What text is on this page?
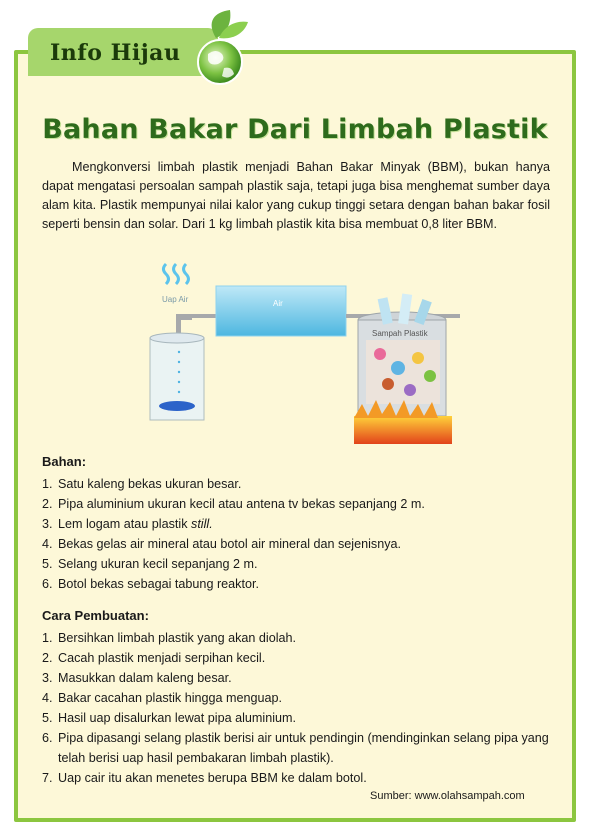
Info Hijau
Bahan Bakar Dari Limbah Plastik
Mengkonversi limbah plastik menjadi Bahan Bakar Minyak (BBM), bukan hanya dapat mengatasi persoalan sampah plastik saja, tetapi juga bisa menghemat sumber daya alam kita. Plastik mempunyai nilai kalor yang cukup tinggi setara dengan bahan bakar fosil seperti bensin dan solar. Dari 1 kg limbah plastik kita bisa membuat 0,8 liter BBM.
Uap Air	Air
Sampah Plastik
Bahan:
1. Satu kaleng bekas ukuran besar.
2. Pipa aluminium ukuran kecil atau antena tv bekas sepanjang 2 m.
3. Lem logam atau plastik still.
4. Bekas gelas air mineral atau botol air mineral dan sejenisnya.
5. Selang ukuran kecil sepanjang 2 m.
6. Botol bekas sebagai tabung reaktor.
Cara Pembuatan:
1. Bersihkan limbah plastik yang akan diolah.
2. Cacah plastik menjadi serpihan kecil.
3. Masukkan dalam kaleng besar.
4. Bakar cacahan plastik hingga menguap.
5. Hasil uap disalurkan lewat pipa aluminium.
6. Pipa dipasangi selang plastik berisi air untuk pendingin (mendinginkan selang pipa yang telah berisi uap hasil pembakaran limbah plastik).
7. Uap cair itu akan menetes berupa BBM ke dalam botol.
Sumber: www.olahsampah.com
